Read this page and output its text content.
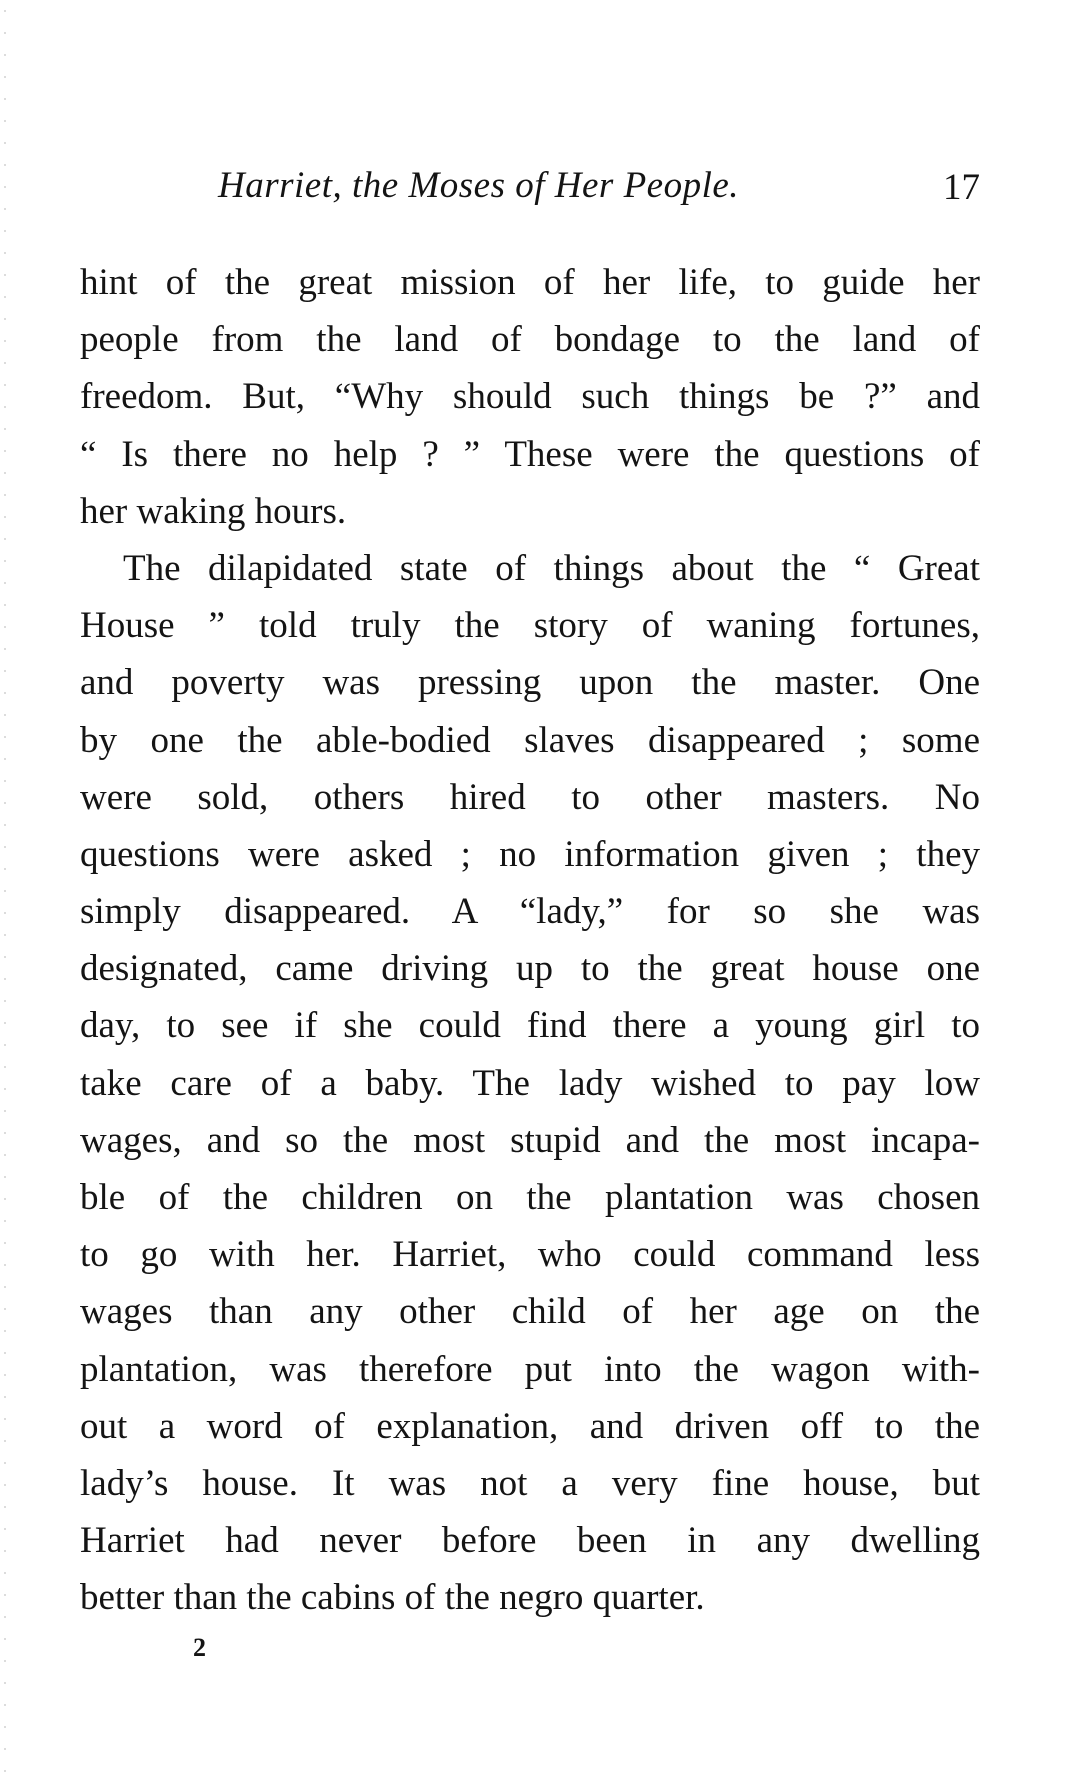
Harriet, the Moses of Her People.	17
hint of the great mission of her life, to guide her
people from the land of bondage to the land of
freedom. But, “Why should such things be ?” and
“ Is there no help ? ” These were the questions of
her waking hours.
The dilapidated state of things about the “ Great
House ” told truly the story of waning fortunes,
and poverty was pressing upon the master. One
by one the able-bodied slaves disappeared ; some
were sold, others hired to other masters. No
questions were asked ; no information given ; they
simply disappeared. A “lady,” for so she was
designated, came driving up to the great house one
day, to see if she could find there a young girl to
take care of a baby. The lady wished to pay low
wages, and so the most stupid and the most incapa-
ble of the children on the plantation was chosen
to go with her. Harriet, who could command less
wages than any other child of her age on the
plantation, was therefore put into the wagon with-
out a word of explanation, and driven off to the
lady’s house. It was not a very fine house, but
Harriet had never before been in any dwelling
better than the cabins of the negro quarter.
2
